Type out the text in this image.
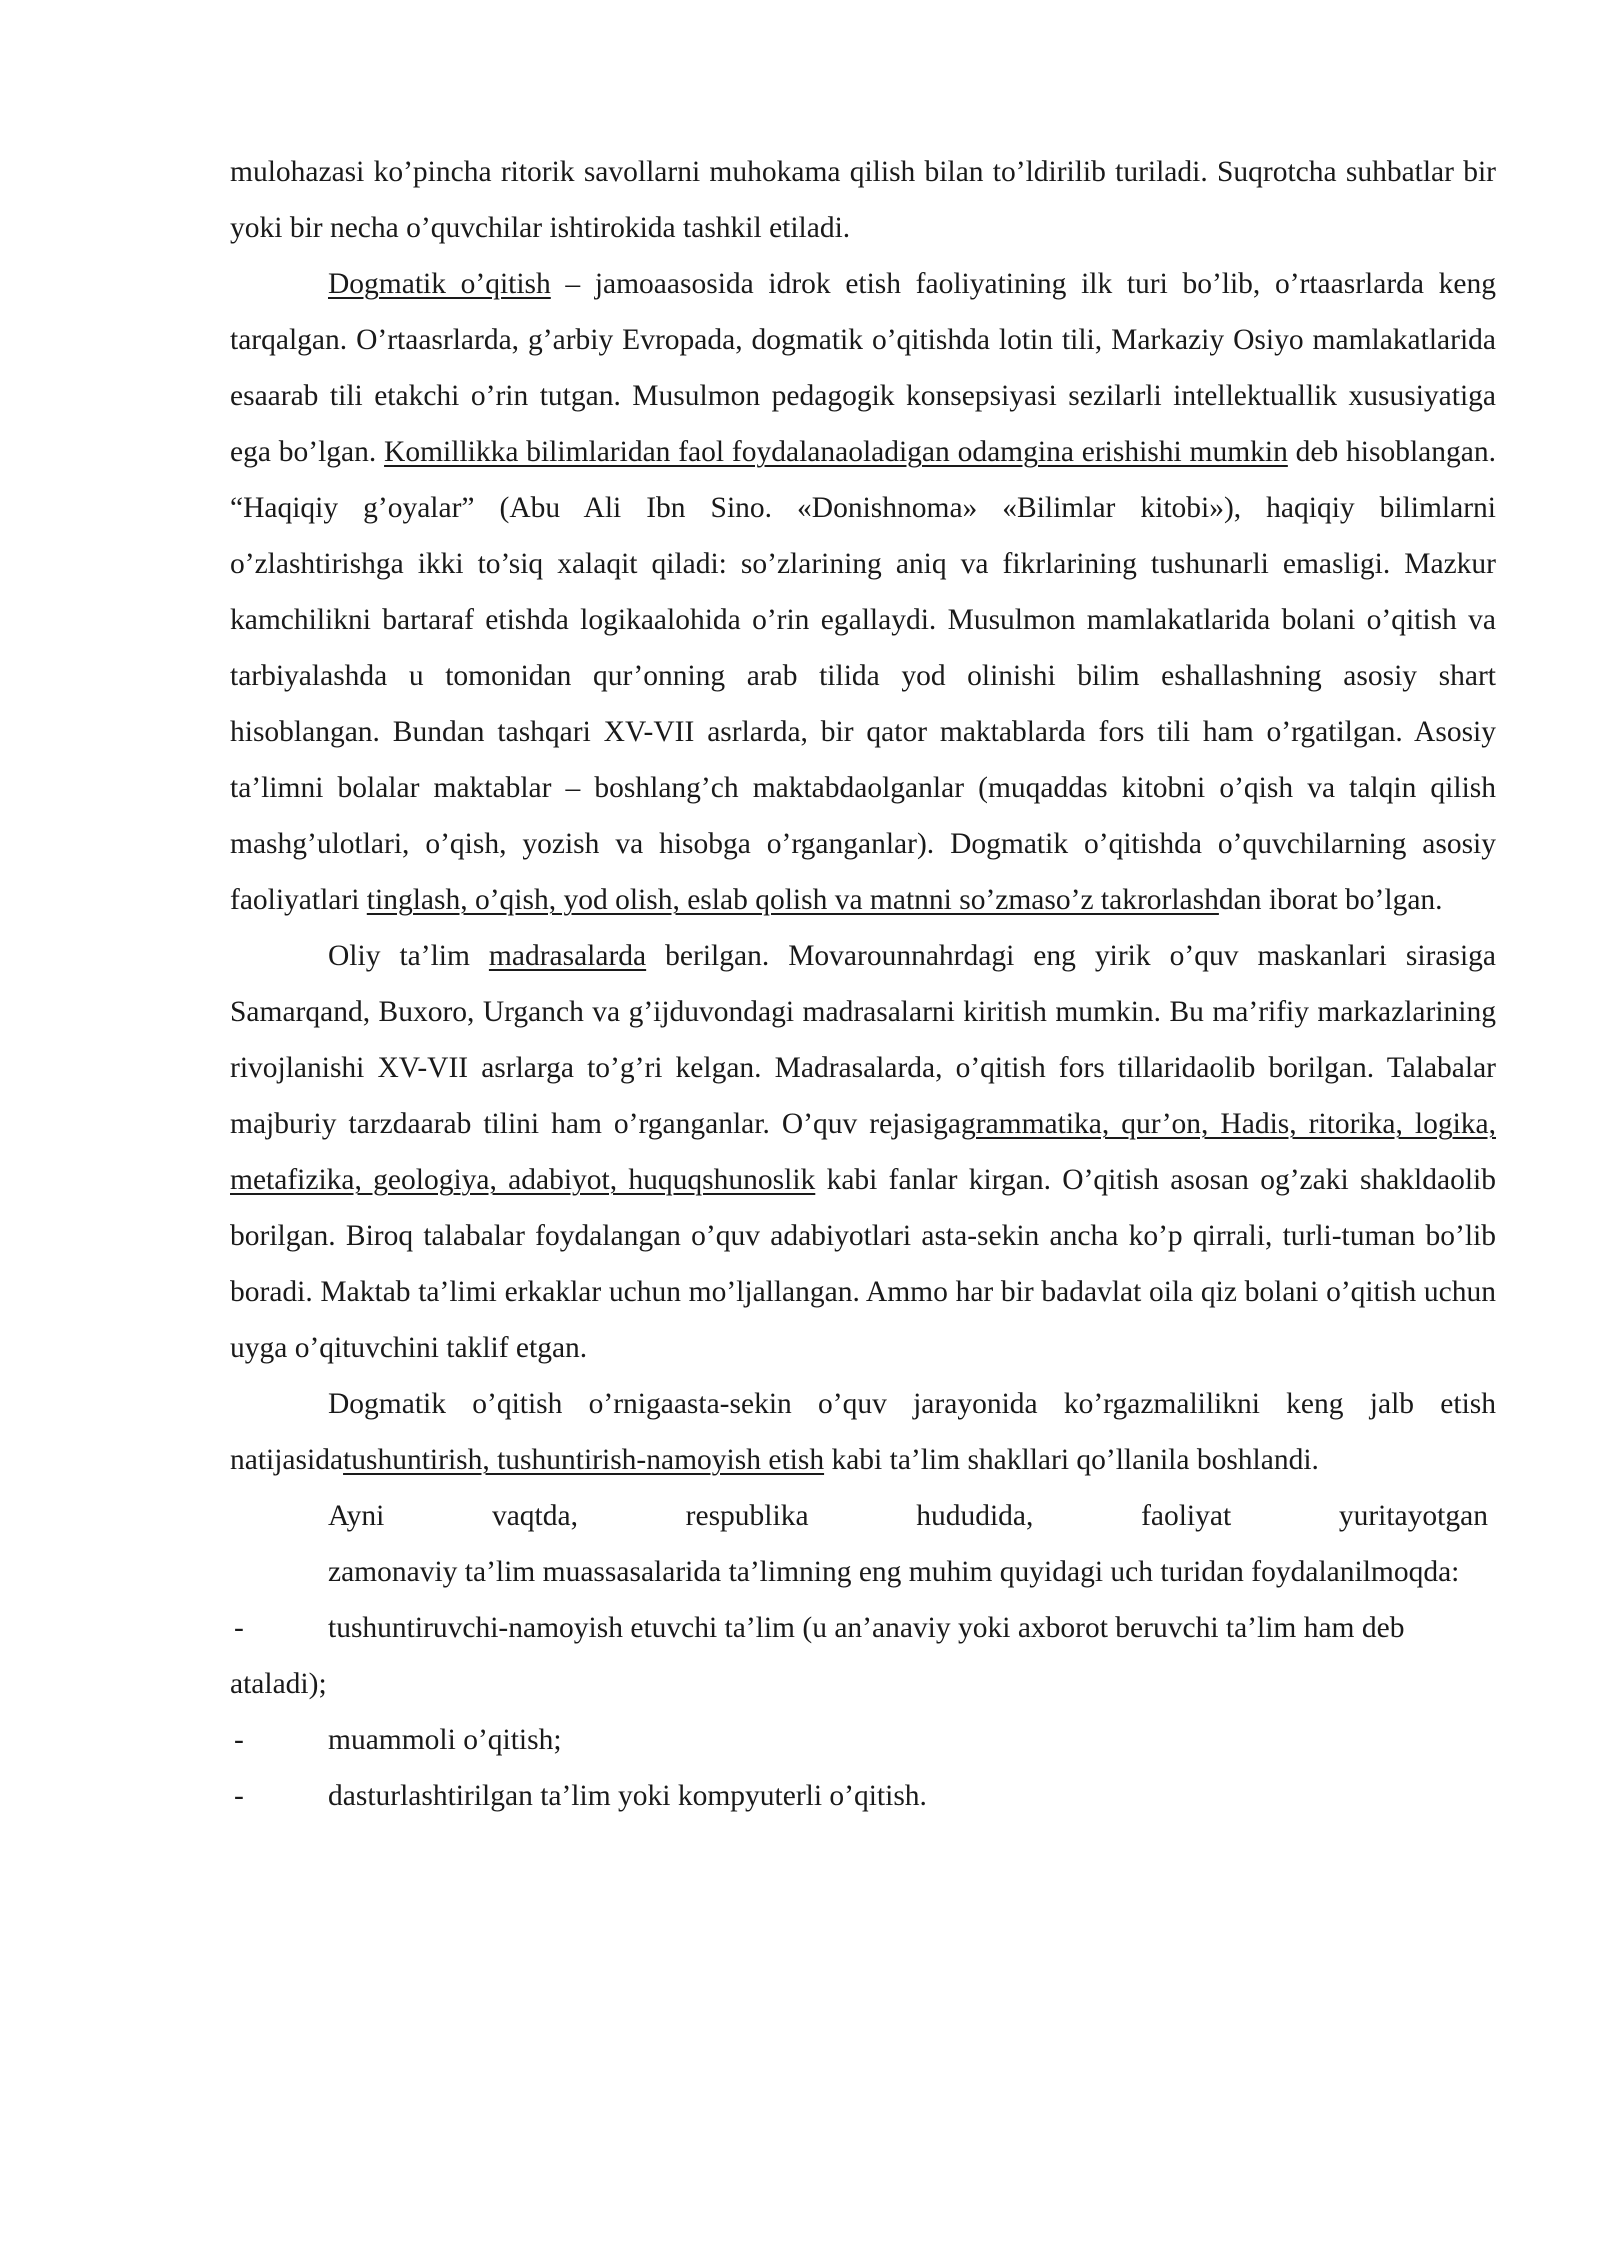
mulohazasi ko’pincha ritorik savollarni muhokama qilish bilan to’ldirilib turiladi. Suqrotcha suhbatlar bir yoki bir necha o’quvchilar ishtirokida tashkil etiladi.

Dogmatik o’qitish – jamoaasosida idrok etish faoliyatining ilk turi bo’lib, o’rtaasrlarda keng tarqalgan. O’rtaasrlarda, g’arbiy Evropada, dogmatik o’qitishda lotin tili, Markaziy Osiyo mamlakatlarida esaarab tili etakchi o’rin tutgan. Musulmon pedagogik konsepsiyasi sezilarli intellektuallik xususiyatiga ega bo’lgan. Komillikka bilimlaridan faol foydalanaoladigan odamgina erishishi mumkin deb hisoblangan. “Haqiqiy g’oyalar” (Abu Ali Ibn Sino. «Donishnoma» «Bilimlar kitobi»), haqiqiy bilimlarni o’zlashtirishga ikki to’siq xalaqit qiladi: so’zlarining aniq va fikrlarining tushunarli emasligi. Mazkur kamchilikni bartaraf etishda logikaalohida o’rin egallaydi. Musulmon mamlakatlarida bolani o’qitish va tarbiyalashda u tomonidan qur’onning arab tilida yod olinishi bilim eshallashning asosiy shart hisoblangan. Bundan tashqari XV-VII asrlarda, bir qator maktablarda fors tili ham o’rgatilgan. Asosiy ta’limni bolalar maktablar – boshlang’ch maktabdaolganlar (muqaddas kitobni o’qish va talqin qilish mashg’ulotlari, o’qish, yozish va hisobga o’rganganlar). Dogmatik o’qitishda o’quvchilarning asosiy faoliyatlari tinglash, o’qish, yod olish, eslab qolish va matnni so’zmaso’z takrorlashdan iborat bo’lgan.

Oliy ta’lim madrasalarda berilgan. Movarounnahrdagi eng yirik o’quv maskanlari sirasiga Samarqand, Buxoro, Urganch va g’ijduvondagi madrasalarni kiritish mumkin. Bu ma’rifiy markazlarining rivojlanishi XV-VII asrlarga to’g’ri kelgan. Madrasalarda, o’qitish fors tillaridaolib borilgan. Talabalar majburiy tarzdaarab tilini ham o’rganganlar. O’quv rejasigagrammatika, qur’on, Hadis, ritorika, logika, metafizika, geologiya, adabiyot, huquqshunoslik kabi fanlar kirgan. O’qitish asosan og’zaki shakldaolib borilgan. Biroq talabalar foydalangan o’quv adabiyotlari asta-sekin ancha ko’p qirrali, turli-tuman bo’lib boradi. Maktab ta’limi erkaklar uchun mo’ljallangan. Ammo har bir badavlat oila qiz bolani o’qitish uchun uyga o’qituvchini taklif etgan.

Dogmatik o’qitish o’rnigaasta-sekin o’quv jarayonida ko’rgazmalilikni keng jalb etish natijasidatushuntirish, tushuntirish-namoyish etish kabi ta’lim shakllari qo’llanila boshlandi.

Ayni	vaqtda,	respublika	hududida,	faoliyat	yuritayotgan

zamonaviy ta’lim muassasalarida ta’limning eng muhim quyidagi uch turidan foydalanilmoqda:

-	tushuntiruvchi-namoyish etuvchi ta’lim (u an’anaviy yoki axborot beruvchi ta’lim ham deb ataladi);
-	muammoli o’qitish;
-	dasturlashtirilgan ta’lim yoki kompyuterli o’qitish.
